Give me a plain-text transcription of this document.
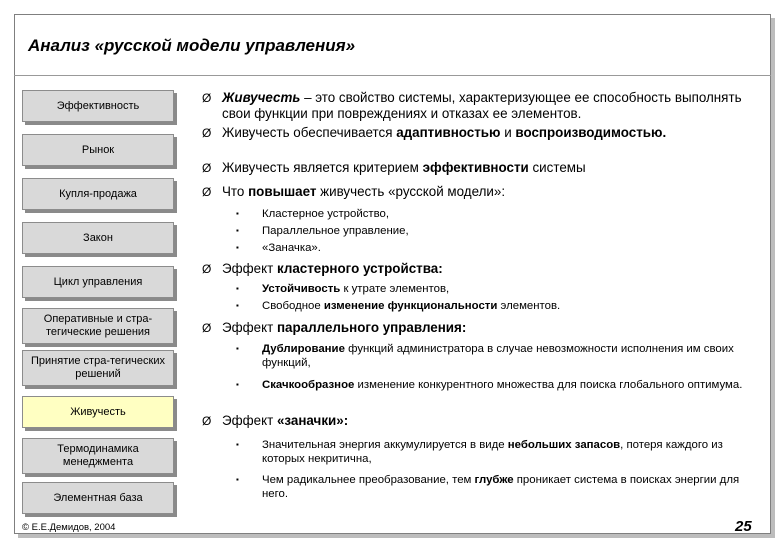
Анализ «русской модели управления»
Эффективность
Рынок
Купля-продажа
Закон
Цикл управления
Оперативные и стра-тегические решения
Принятие стра-тегических решений
Живучесть
Термодинамика менеджмента
Элементная база
Ø Живучесть – это свойство системы, характеризующее ее способность выполнять свои функции при повреждениях и отказах ее элементов.
Ø Живучесть обеспечивается адаптивностью и воспроизводимостью.
Ø Живучесть является критерием эффективности системы
Ø Что повышает живучесть «русской модели»:
▪ Кластерное устройство,
▪ Параллельное управление,
▪ «Заначка».
Ø Эффект кластерного устройства:
▪ Устойчивость к утрате элементов,
▪ Свободное изменение функциональности элементов.
Ø Эффект параллельного управления:
▪ Дублирование функций администратора в случае невозможности исполнения им своих функций,
▪ Скачкообразное изменение конкурентного множества для поиска глобального оптимума.
Ø Эффект «заначки»:
▪ Значительная энергия аккумулируется в виде небольших запасов, потеря каждого из которых некритична,
▪ Чем радикальнее преобразование, тем глубже проникает система в поисках энергии для него.
© Е.Е.Демидов, 2004	25
